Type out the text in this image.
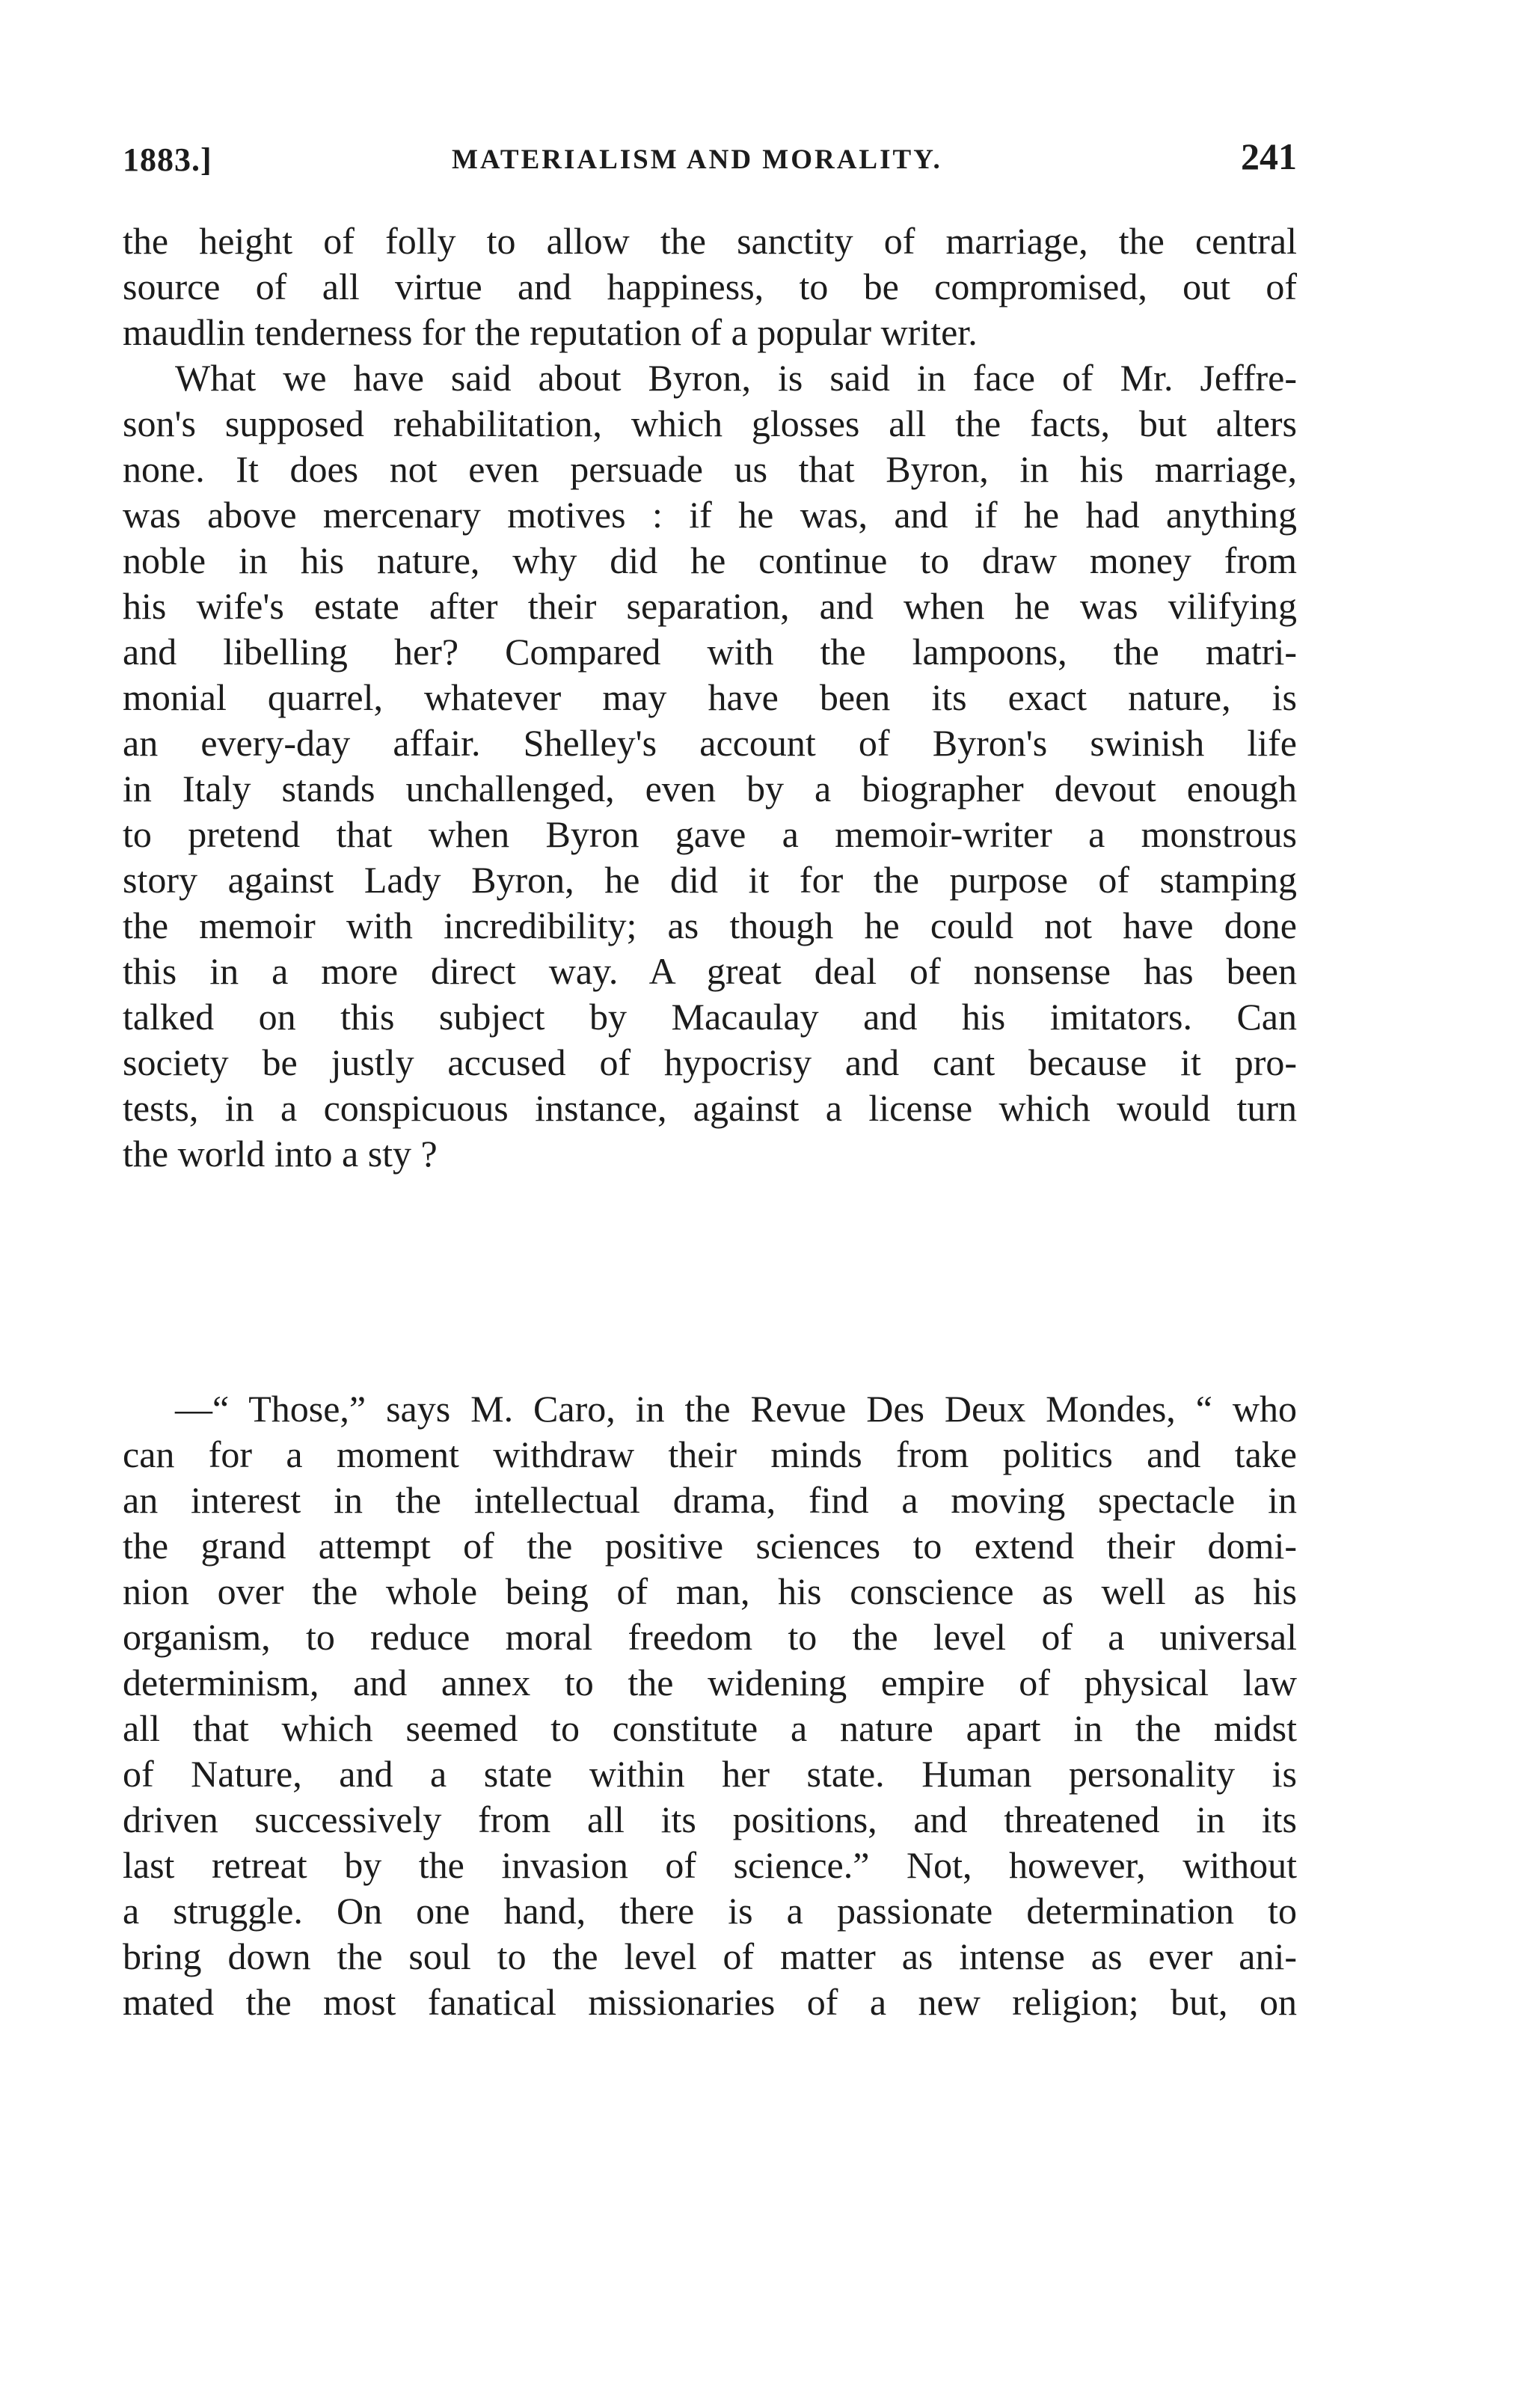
1883.]	MATERIALISM AND MORALITY.	241
the height of folly to allow the sanctity of marriage, the central
source of all virtue and happiness, to be compromised, out of
maudlin tenderness for the reputation of a popular writer.
What we have said about Byron, is said in face of Mr. Jeffre-
son's supposed rehabilitation, which glosses all the facts, but alters
none. It does not even persuade us that Byron, in his marriage,
was above mercenary motives : if he was, and if he had anything
noble in his nature, why did he continue to draw money from
his wife's estate after their separation, and when he was vilifying
and libelling her? Compared with the lampoons, the matri-
monial quarrel, whatever may have been its exact nature, is
an every-day affair. Shelley's account of Byron's swinish life
in Italy stands unchallenged, even by a biographer devout enough
to pretend that when Byron gave a memoir-writer a monstrous
story against Lady Byron, he did it for the purpose of stamping
the memoir with incredibility; as though he could not have done
this in a more direct way. A great deal of nonsense has been
talked on this subject by Macaulay and his imitators. Can
society be justly accused of hypocrisy and cant because it pro-
tests, in a conspicuous instance, against a license which would turn
the world into a sty ?
—“ Those,” says M. Caro, in the Revue Des Deux Mondes, “ who
can for a moment withdraw their minds from politics and take
an interest in the intellectual drama, find a moving spectacle in
the grand attempt of the positive sciences to extend their domi-
nion over the whole being of man, his conscience as well as his
organism, to reduce moral freedom to the level of a universal
determinism, and annex to the widening empire of physical law
all that which seemed to constitute a nature apart in the midst
of Nature, and a state within her state. Human personality is
driven successively from all its positions, and threatened in its
last retreat by the invasion of science.” Not, however, without
a struggle. On one hand, there is a passionate determination to
bring down the soul to the level of matter as intense as ever ani-
mated the most fanatical missionaries of a new religion; but, on
